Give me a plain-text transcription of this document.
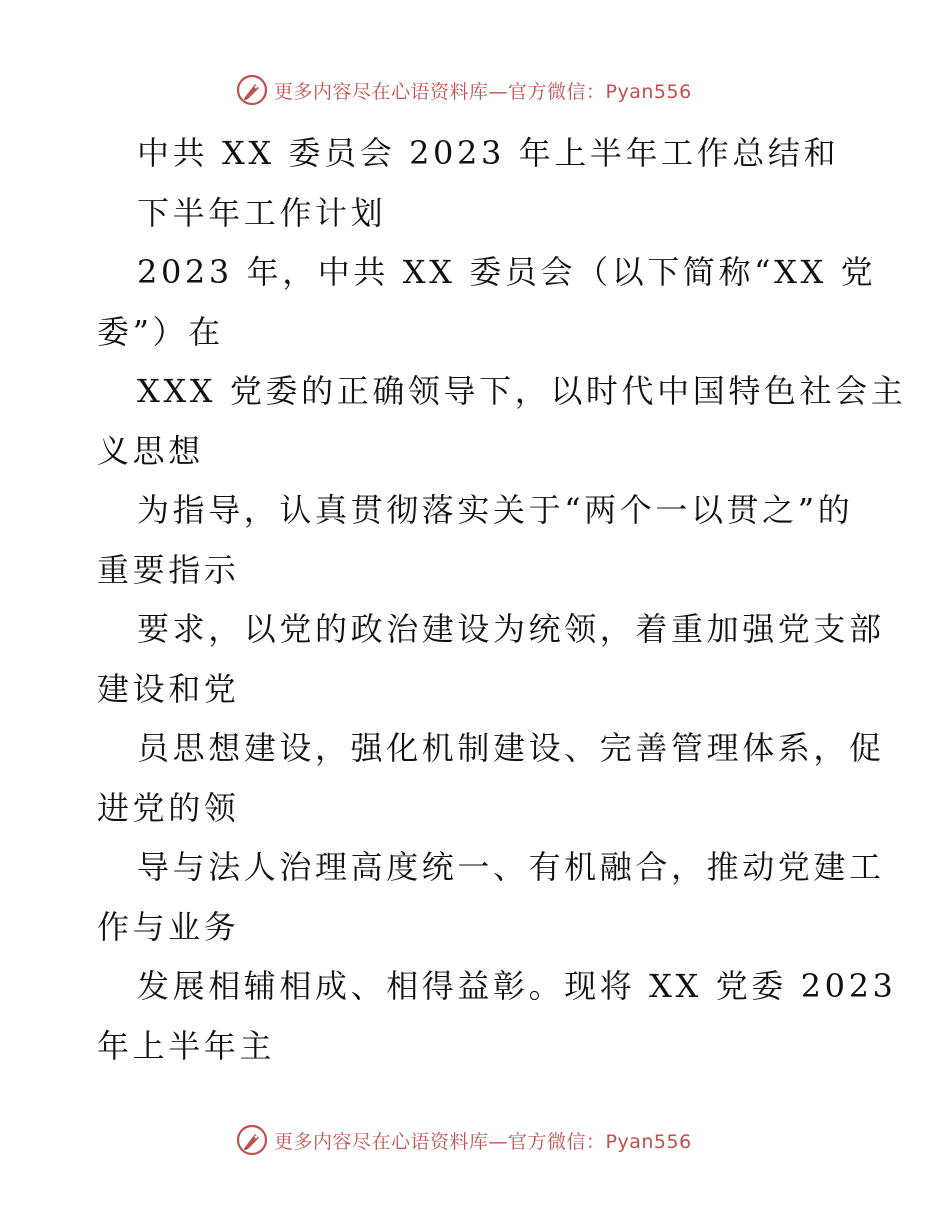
更多内容尽在心语资料库—官方微信：Pyan556
中共 XX 委员会 2023 年上半年工作总结和
下半年工作计划
2023 年，中共 XX 委员会（以下简称“XX 党
委”）在
XXX 党委的正确领导下，以时代中国特色社会主
义思想
为指导，认真贯彻落实关于“两个一以贯之”的
重要指示
要求，以党的政治建设为统领，着重加强党支部
建设和党
员思想建设，强化机制建设、完善管理体系，促
进党的领
导与法人治理高度统一、有机融合，推动党建工
作与业务
发展相辅相成、相得益彰。现将 XX 党委 2023
年上半年主
更多内容尽在心语资料库—官方微信：Pyan556
